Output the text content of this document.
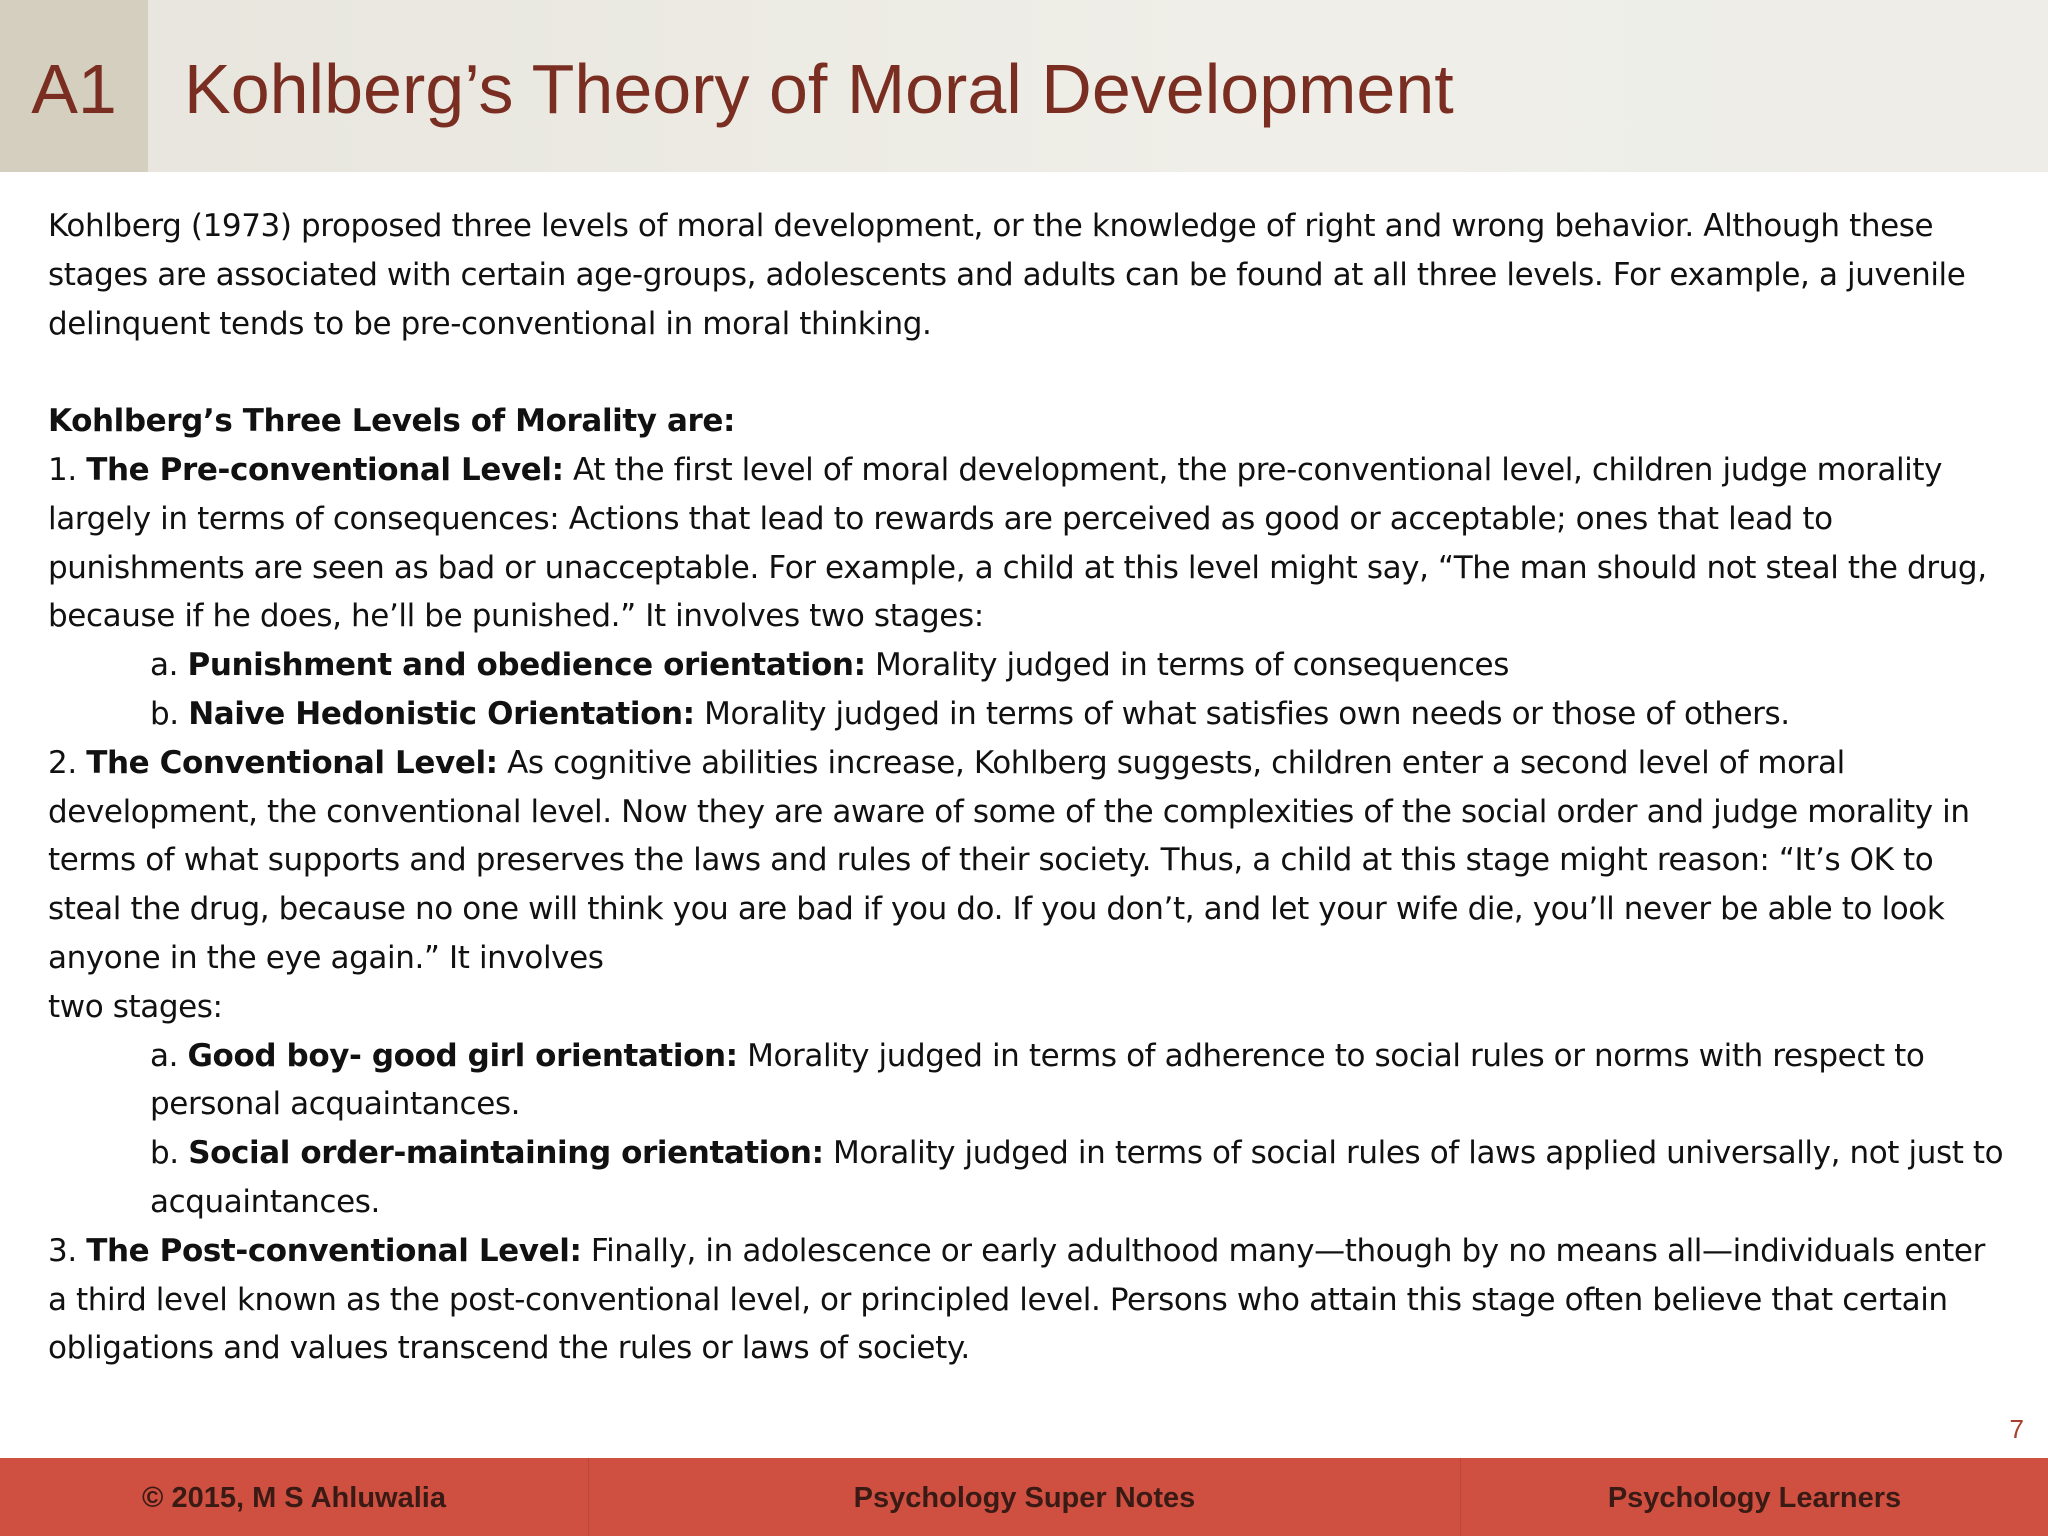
A1 Kohlberg’s Theory of Moral Development

Kohlberg (1973) proposed three levels of moral development, or the knowledge of right and wrong behavior. Although these stages are associated with certain age-groups, adolescents and adults can be found at all three levels. For example, a juvenile delinquent tends to be pre-conventional in moral thinking.

Kohlberg’s Three Levels of Morality are:

1. The Pre-conventional Level: At the first level of moral development, the pre-conventional level, children judge morality largely in terms of consequences: Actions that lead to rewards are perceived as good or acceptable; ones that lead to punishments are seen as bad or unacceptable. For example, a child at this level might say, “The man should not steal the drug, because if he does, he’ll be punished.” It involves two stages:

a. Punishment and obedience orientation: Morality judged in terms of consequences

b. Naive Hedonistic Orientation: Morality judged in terms of what satisfies own needs or those of others.

2. The Conventional Level: As cognitive abilities increase, Kohlberg suggests, children enter a second level of moral development, the conventional level. Now they are aware of some of the complexities of the social order and judge morality in terms of what supports and preserves the laws and rules of their society. Thus, a child at this stage might reason: “It’s OK to steal the drug, because no one will think you are bad if you do. If you don’t, and let your wife die, you’ll never be able to look anyone in the eye again.” It involves

two stages:

a. Good boy- good girl orientation: Morality judged in terms of adherence to social rules or norms with respect to personal acquaintances.

b. Social order-maintaining orientation: Morality judged in terms of social rules of laws applied universally, not just to acquaintances.

3. The Post-conventional Level: Finally, in adolescence or early adulthood many—though by no means all—individuals enter a third level known as the post-conventional level, or principled level. Persons who attain this stage often believe that certain obligations and values transcend the rules or laws of society.

7
© 2015, M S Ahluwalia	Psychology Super Notes	Psychology Learners
